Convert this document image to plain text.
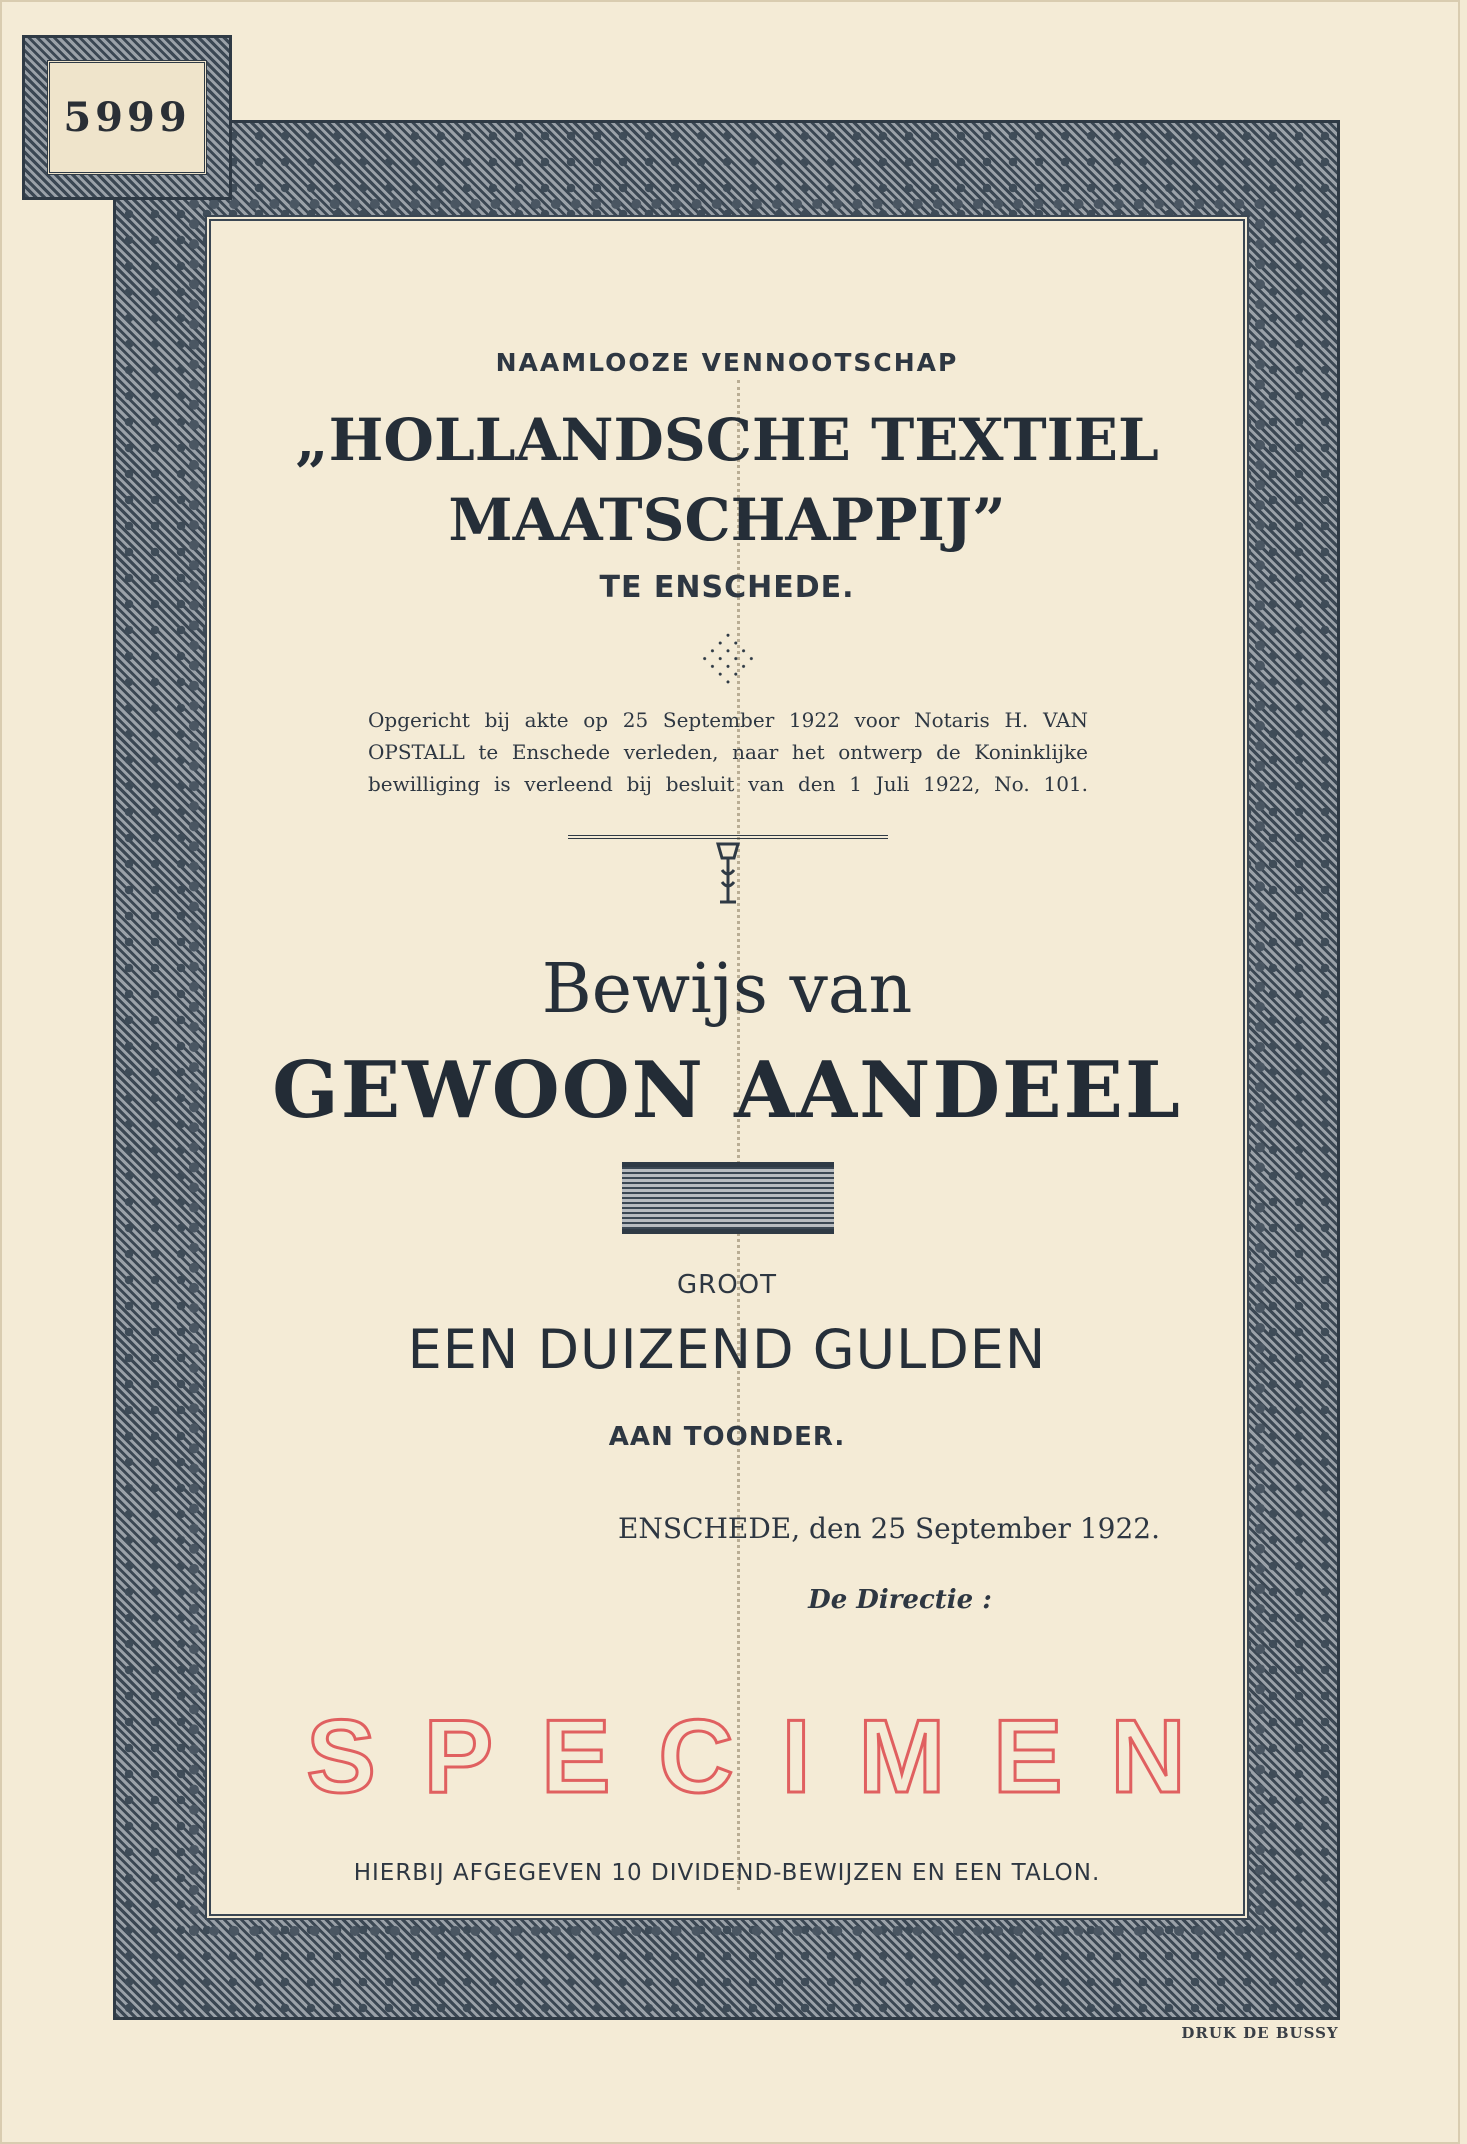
5999
NAAMLOOZE VENNOOTSCHAP
„HOLLANDSCHE TEXTIEL
MAATSCHAPPIJ”
TE ENSCHEDE.
Opgericht bij akte op 25 September 1922 voor Notaris H. VAN OPSTALL te Enschede verleden, naar het ontwerp de Koninklijke bewilliging is verleend bij besluit van den 1 Juli 1922, No. 101.
Bewijs van
GEWOON AANDEEL
GROOT
EEN DUIZEND GULDEN
AAN TOONDER.
ENSCHEDE, den 25 September 1922.
De Directie :
SPECIMEN
HIERBIJ AFGEGEVEN 10 DIVIDEND-BEWIJZEN EN EEN TALON.
DRUK DE BUSSY
